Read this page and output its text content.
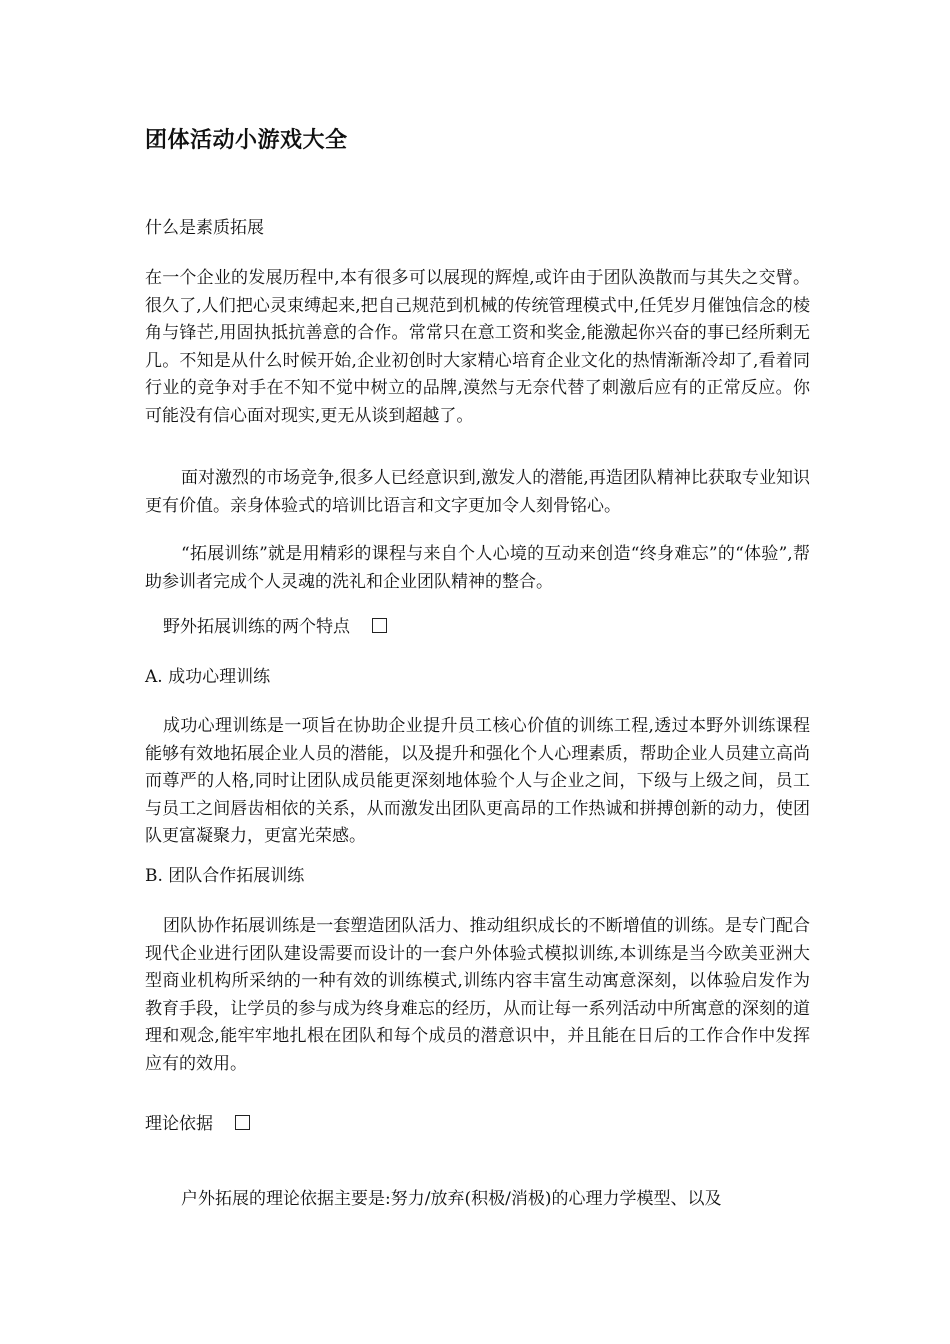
团体活动小游戏大全

什么是素质拓展

在一个企业的发展历程中,本有很多可以展现的辉煌,或许由于团队涣散而与其失之交臂。很久了,人们把心灵束缚起来,把自己规范到机械的传统管理模式中,任凭岁月催蚀信念的棱角与锋芒,用固执抵抗善意的合作。常常只在意工资和奖金,能激起你兴奋的事已经所剩无几。不知是从什么时候开始,企业初创时大家精心培育企业文化的热情渐渐冷却了,看着同行业的竞争对手在不知不觉中树立的品牌,漠然与无奈代替了刺激后应有的正常反应。你可能没有信心面对现实,更无从谈到超越了。

面对激烈的市场竞争,很多人已经意识到,激发人的潜能,再造团队精神比获取专业知识更有价值。亲身体验式的培训比语言和文字更加令人刻骨铭心。

“拓展训练”就是用精彩的课程与来自个人心境的互动来创造“终身难忘”的“体验”,帮助参训者完成个人灵魂的洗礼和企业团队精神的整合。

野外拓展训练的两个特点

A. 成功心理训练

成功心理训练是一项旨在协助企业提升员工核心价值的训练工程,透过本野外训练课程能够有效地拓展企业人员的潜能，以及提升和强化个人心理素质，帮助企业人员建立高尚而尊严的人格,同时让团队成员能更深刻地体验个人与企业之间，下级与上级之间，员工与员工之间唇齿相依的关系，从而激发出团队更高昂的工作热诚和拼搏创新的动力，使团队更富凝聚力，更富光荣感。

B. 团队合作拓展训练

团队协作拓展训练是一套塑造团队活力、推动组织成长的不断增值的训练。是专门配合现代企业进行团队建设需要而设计的一套户外体验式模拟训练,本训练是当今欧美亚洲大型商业机构所采纳的一种有效的训练模式,训练内容丰富生动寓意深刻，以体验启发作为教育手段，让学员的参与成为终身难忘的经历，从而让每一系列活动中所寓意的深刻的道理和观念,能牢牢地扎根在团队和每个成员的潜意识中，并且能在日后的工作合作中发挥应有的效用。

理论依据

户外拓展的理论依据主要是:努力/放弃(积极/消极)的心理力学模型、以及
